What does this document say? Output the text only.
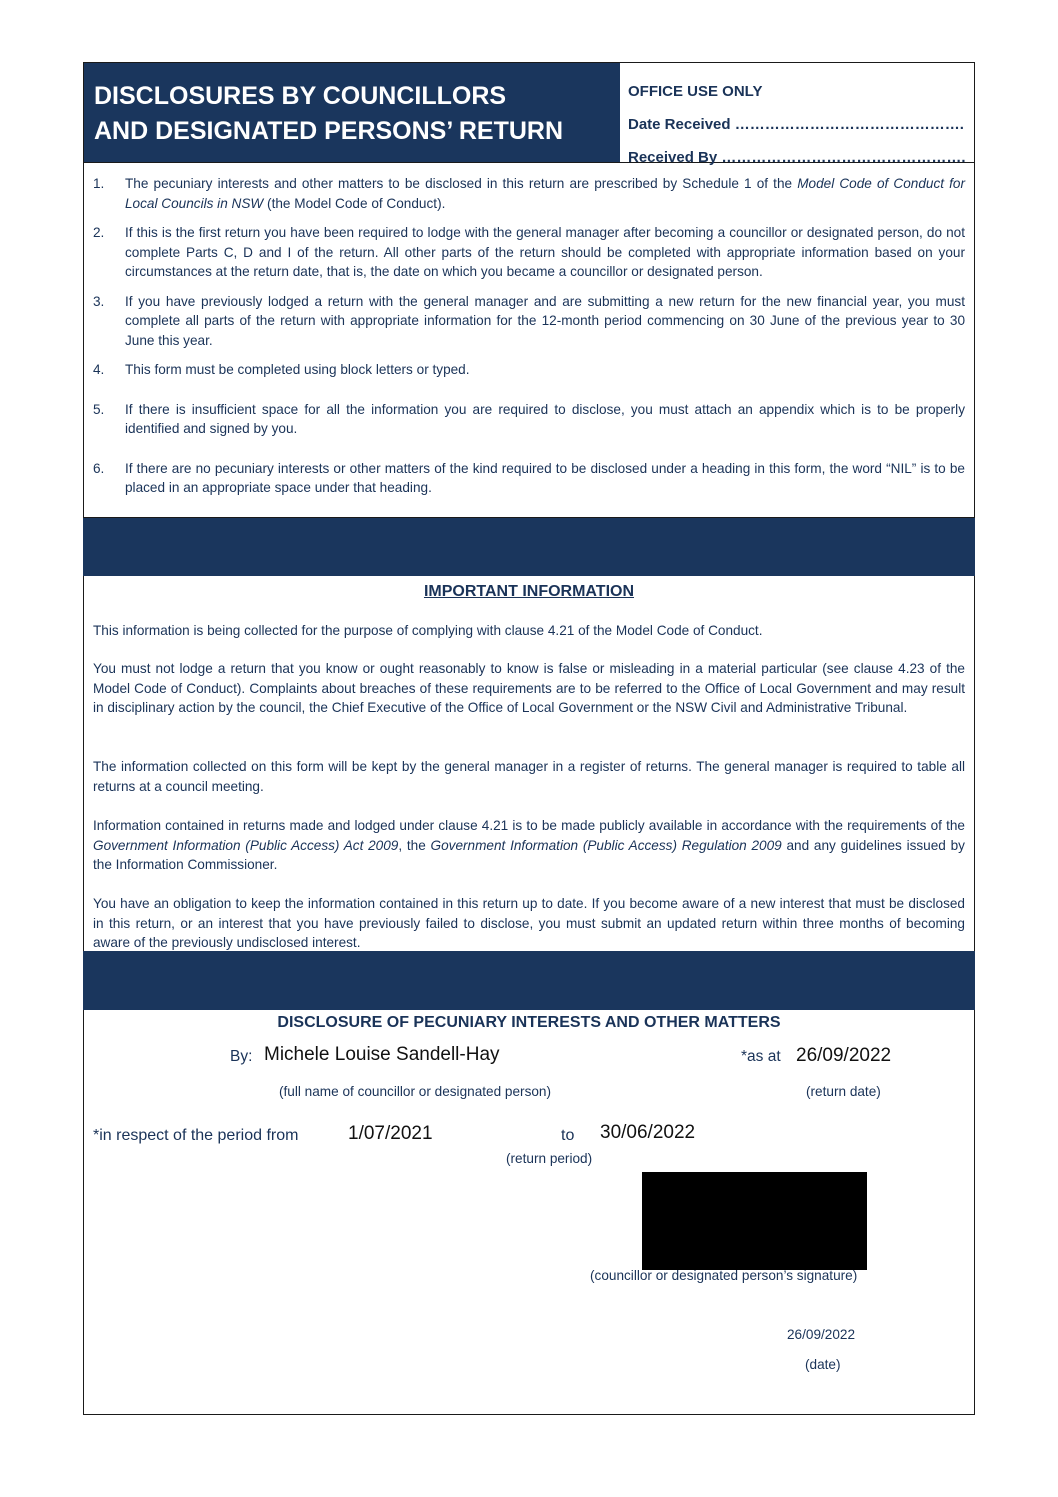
DISCLOSURES BY COUNCILLORS
AND DESIGNATED PERSONS’ RETURN
OFFICE USE ONLY
Date Received ……………………………………….
Received By ………………………………………….
1.	The pecuniary interests and other matters to be disclosed in this return are prescribed by Schedule 1 of the Model Code of Conduct for Local Councils in NSW (the Model Code of Conduct).
2.	If this is the first return you have been required to lodge with the general manager after becoming a councillor or designated person, do not complete Parts C, D and I of the return. All other parts of the return should be completed with appropriate information based on your circumstances at the return date, that is, the date on which you became a councillor or designated person.
3.	If you have previously lodged a return with the general manager and are submitting a new return for the new financial year, you must complete all parts of the return with appropriate information for the 12-month period commencing on 30 June of the previous year to 30 June this year.
4.	This form must be completed using block letters or typed.
5.	If there is insufficient space for all the information you are required to disclose, you must attach an appendix which is to be properly identified and signed by you.
6.	If there are no pecuniary interests or other matters of the kind required to be disclosed under a heading in this form, the word “NIL” is to be placed in an appropriate space under that heading.
IMPORTANT INFORMATION

This information is being collected for the purpose of complying with clause 4.21 of the Model Code of Conduct.

You must not lodge a return that you know or ought reasonably to know is false or misleading in a material particular (see clause 4.23 of the Model Code of Conduct). Complaints about breaches of these requirements are to be referred to the Office of Local Government and may result in disciplinary action by the council, the Chief Executive of the Office of Local Government or the NSW Civil and Administrative Tribunal.

The information collected on this form will be kept by the general manager in a register of returns. The general manager is required to table all returns at a council meeting.

Information contained in returns made and lodged under clause 4.21 is to be made publicly available in accordance with the requirements of the Government Information (Public Access) Act 2009, the Government Information (Public Access) Regulation 2009 and any guidelines issued by the Information Commissioner.

You have an obligation to keep the information contained in this return up to date. If you become aware of a new interest that must be disclosed in this return, or an interest that you have previously failed to disclose, you must submit an updated return within three months of becoming aware of the previously undisclosed interest.

DISCLOSURE OF PECUNIARY INTERESTS AND OTHER MATTERS
By: Michele Louise Sandell-Hay	*as at 26/09/2022
(full name of councillor or designated person)	(return date)
*in respect of the period from	1/07/2021	to 30/06/2022
(return period)
(councillor or designated person’s signature)
26/09/2022
(date)
